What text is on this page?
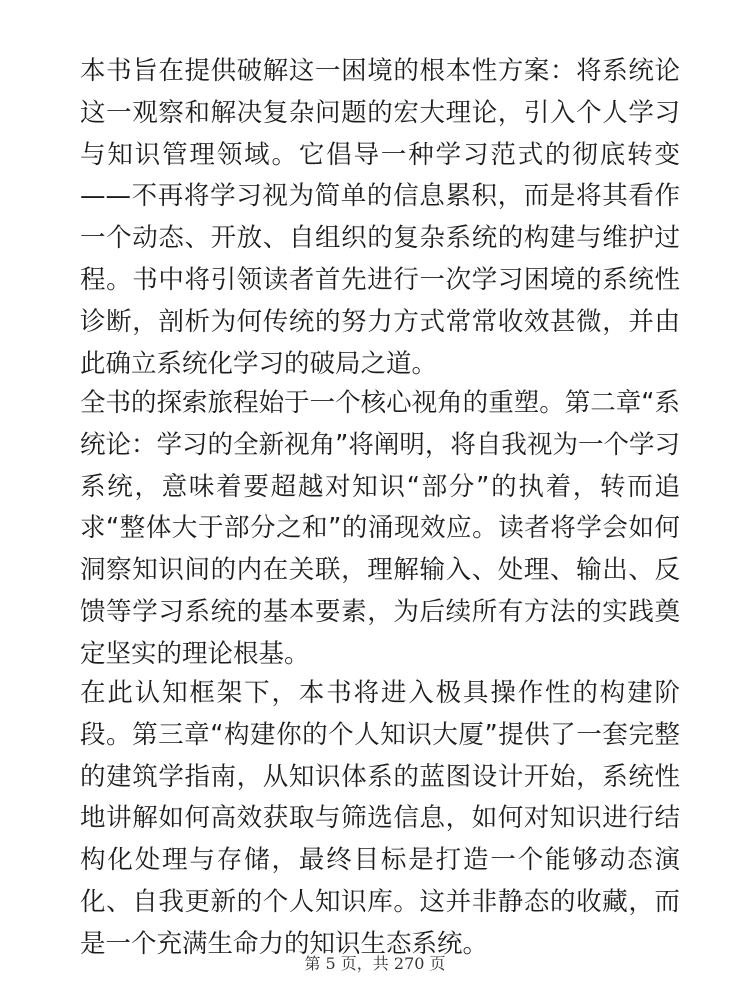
本书旨在提供破解这一困境的根本性方案：将系统论这一观察和解决复杂问题的宏大理论，引入个人学习与知识管理领域。它倡导一种学习范式的彻底转变——不再将学习视为简单的信息累积，而是将其看作一个动态、开放、自组织的复杂系统的构建与维护过程。书中将引领读者首先进行一次学习困境的系统性诊断，剖析为何传统的努力方式常常收效甚微，并由此确立系统化学习的破局之道。

全书的探索旅程始于一个核心视角的重塑。第二章“系统论：学习的全新视角”将阐明，将自我视为一个学习系统，意味着要超越对知识“部分”的执着，转而追求“整体大于部分之和”的涌现效应。读者将学会如何洞察知识间的内在关联，理解输入、处理、输出、反馈等学习系统的基本要素，为后续所有方法的实践奠定坚实的理论根基。

在此认知框架下，本书将进入极具操作性的构建阶段。第三章“构建你的个人知识大厦”提供了一套完整的建筑学指南，从知识体系的蓝图设计开始，系统性地讲解如何高效获取与筛选信息，如何对知识进行结构化处理与存储，最终目标是打造一个能够动态演化、自我更新的个人知识库。这并非静态的收藏，而是一个充满生命力的知识生态系统。

第 5 页，共 270 页
